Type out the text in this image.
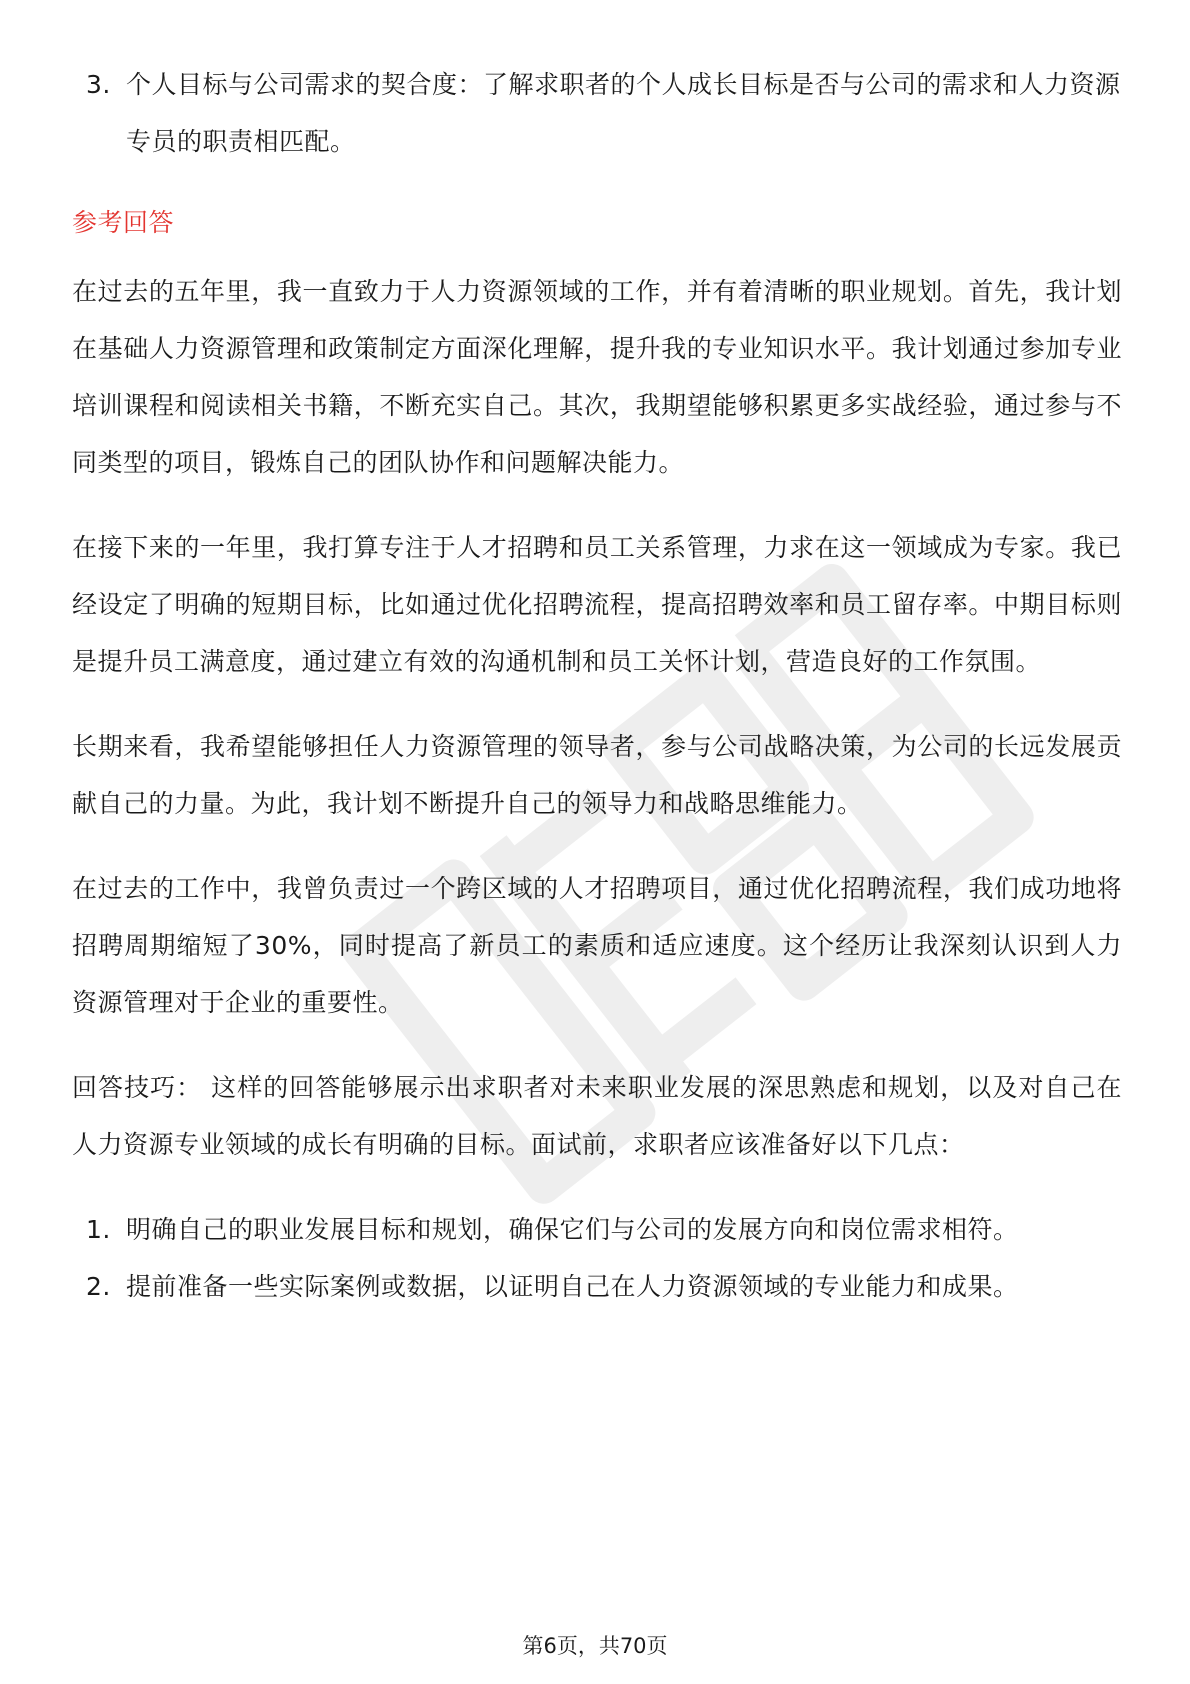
3. 个人目标与公司需求的契合度：了解求职者的个人成长目标是否与公司的需求和人力资源专员的职责相匹配。

参考回答

在过去的五年里，我一直致力于人力资源领域的工作，并有着清晰的职业规划。首先，我计划在基础人力资源管理和政策制定方面深化理解，提升我的专业知识水平。我计划通过参加专业培训课程和阅读相关书籍，不断充实自己。其次，我期望能够积累更多实战经验，通过参与不同类型的项目，锻炼自己的团队协作和问题解决能力。

在接下来的一年里，我打算专注于人才招聘和员工关系管理，力求在这一领域成为专家。我已经设定了明确的短期目标，比如通过优化招聘流程，提高招聘效率和员工留存率。中期目标则是提升员工满意度，通过建立有效的沟通机制和员工关怀计划，营造良好的工作氛围。

长期来看，我希望能够担任人力资源管理的领导者，参与公司战略决策，为公司的长远发展贡献自己的力量。为此，我计划不断提升自己的领导力和战略思维能力。

在过去的工作中，我曾负责过一个跨区域的人才招聘项目，通过优化招聘流程，我们成功地将招聘周期缩短了30%，同时提高了新员工的素质和适应速度。这个经历让我深刻认识到人力资源管理对于企业的重要性。

回答技巧： 这样的回答能够展示出求职者对未来职业发展的深思熟虑和规划，以及对自己在人力资源专业领域的成长有明确的目标。面试前，求职者应该准备好以下几点：

1. 明确自己的职业发展目标和规划，确保它们与公司的发展方向和岗位需求相符。

2. 提前准备一些实际案例或数据，以证明自己在人力资源领域的专业能力和成果。

第6页，共70页
